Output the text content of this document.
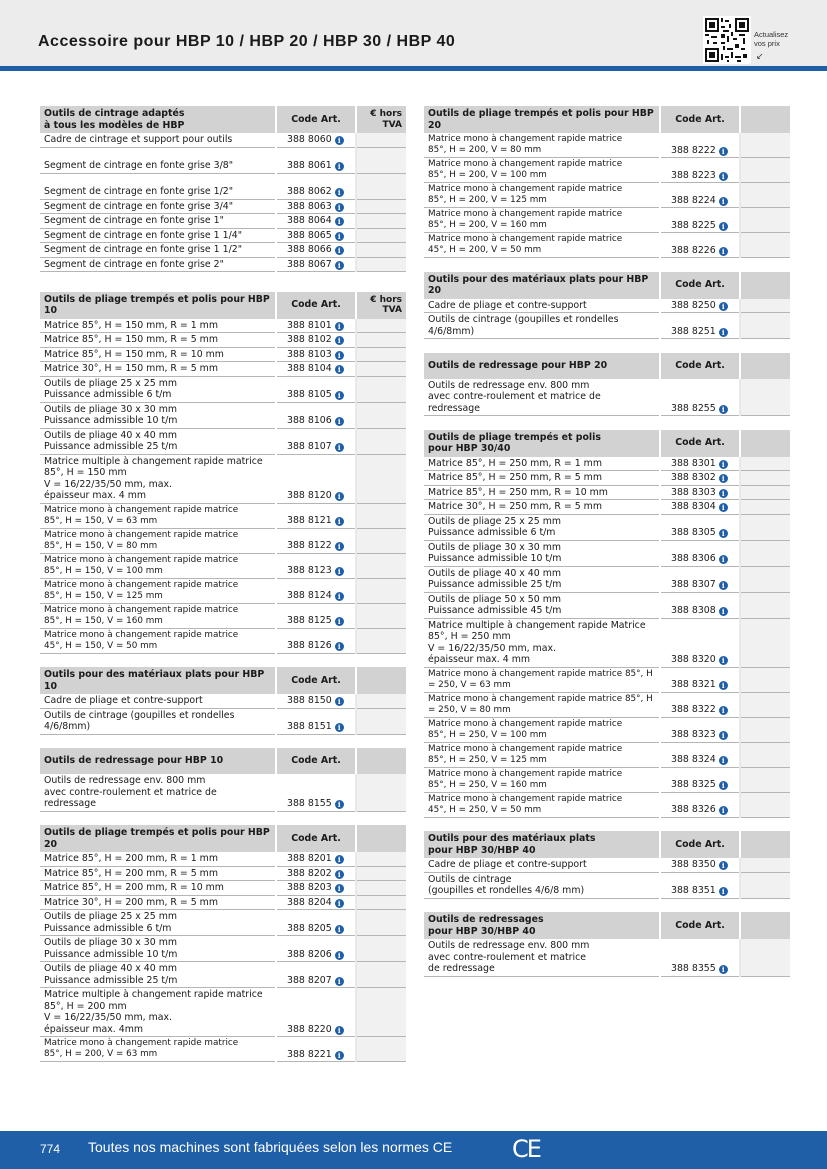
Accessoire pour HBP 10 / HBP 20 / HBP 30 / HBP 40	Actualisez
vos prix
↙
Outils de cintrage adaptés
à tous les modèles de HBP	Code Art.	€ hors
TVA
Cadre de cintrage et support pour outils	388 8060 i	

Segment de cintrage en fonte grise 3/8"	388 8061 i	

Segment de cintrage en fonte grise 1/2"	388 8062 i	
Segment de cintrage en fonte grise 3/4"	388 8063 i	
Segment de cintrage en fonte grise 1"	388 8064 i	
Segment de cintrage en fonte grise 1 1/4"	388 8065 i	
Segment de cintrage en fonte grise 1 1/2"	388 8066 i	
Segment de cintrage en fonte grise 2"	388 8067 i	

Outils de pliage trempés et polis pour HBP 10	Code Art.	€ hors
TVA
Matrice 85°, H = 150 mm, R = 1 mm	388 8101 i	
Matrice 85°, H = 150 mm, R = 5 mm	388 8102 i	
Matrice 85°, H = 150 mm, R = 10 mm	388 8103 i	
Matrice 30°, H = 150 mm, R = 5 mm	388 8104 i	
Outils de pliage 25 x 25 mm
Puissance admissible 6 t/m	388 8105 i	
Outils de pliage 30 x 30 mm
Puissance admissible 10 t/m	388 8106 i	
Outils de pliage 40 x 40 mm
Puissance admissible 25 t/m	388 8107 i	
Matrice multiple à changement rapide matrice
85°, H = 150 mm
V = 16/22/35/50 mm, max.
épaisseur max. 4 mm	388 8120 i	
Matrice mono à changement rapide matrice
85°, H = 150, V = 63 mm	388 8121 i	
Matrice mono à changement rapide matrice
85°, H = 150, V = 80 mm	388 8122 i	
Matrice mono à changement rapide matrice
85°, H = 150, V = 100 mm	388 8123 i	
Matrice mono à changement rapide matrice
85°, H = 150, V = 125 mm	388 8124 i	
Matrice mono à changement rapide matrice
85°, H = 150, V = 160 mm	388 8125 i	
Matrice mono à changement rapide matrice
45°, H = 150, V = 50 mm	388 8126 i	

Outils pour des matériaux plats pour HBP 10	Code Art.	
Cadre de pliage et contre-support	388 8150 i	
Outils de cintrage (goupilles et rondelles
4/6/8mm)	388 8151 i	

Outils de redressage pour HBP 10	Code Art.	
Outils de redressage env. 800 mm
avec contre-roulement et matrice de redressage	388 8155 i	

Outils de pliage trempés et polis pour HBP 20	Code Art.	
Matrice 85°, H = 200 mm, R = 1 mm	388 8201 i	
Matrice 85°, H = 200 mm, R = 5 mm	388 8202 i	
Matrice 85°, H = 200 mm, R = 10 mm	388 8203 i	
Matrice 30°, H = 200 mm, R = 5 mm	388 8204 i	
Outils de pliage 25 x 25 mm
Puissance admissible 6 t/m	388 8205 i	
Outils de pliage 30 x 30 mm
Puissance admissible 10 t/m	388 8206 i	
Outils de pliage 40 x 40 mm
Puissance admissible 25 t/m	388 8207 i	
Matrice multiple à changement rapide matrice
85°, H = 200 mm
V = 16/22/35/50 mm, max.
épaisseur max. 4mm	388 8220 i	
Matrice mono à changement rapide matrice
85°, H = 200, V = 63 mm	388 8221 i	
Outils de pliage trempés et polis pour HBP 20	Code Art.	
Matrice mono à changement rapide matrice
85°, H = 200, V = 80 mm	388 8222 i	
Matrice mono à changement rapide matrice
85°, H = 200, V = 100 mm	388 8223 i	
Matrice mono à changement rapide matrice
85°, H = 200, V = 125 mm	388 8224 i	
Matrice mono à changement rapide matrice
85°, H = 200, V = 160 mm	388 8225 i	
Matrice mono à changement rapide matrice
45°, H = 200, V = 50 mm	388 8226 i	

Outils pour des matériaux plats pour HBP 20	Code Art.	
Cadre de pliage et contre-support	388 8250 i	
Outils de cintrage (goupilles et rondelles
4/6/8mm)	388 8251 i	

Outils de redressage pour HBP 20	Code Art.	
Outils de redressage env. 800 mm
avec contre-roulement et matrice de redressage	388 8255 i	

Outils de pliage trempés et polis
pour HBP 30/40	Code Art.	
Matrice 85°, H = 250 mm, R = 1 mm	388 8301 i	
Matrice 85°, H = 250 mm, R = 5 mm	388 8302 i	
Matrice 85°, H = 250 mm, R = 10 mm	388 8303 i	
Matrice 30°, H = 250 mm, R = 5 mm	388 8304 i	
Outils de pliage 25 x 25 mm
Puissance admissible 6 t/m	388 8305 i	
Outils de pliage 30 x 30 mm
Puissance admissible 10 t/m	388 8306 i	
Outils de pliage 40 x 40 mm
Puissance admissible 25 t/m	388 8307 i	
Outils de pliage 50 x 50 mm
Puissance admissible 45 t/m	388 8308 i	
Matrice multiple à changement rapide Matrice
85°, H = 250 mm
V = 16/22/35/50 mm, max.
épaisseur max. 4 mm	388 8320 i	
Matrice mono à changement rapide matrice 85°, H
= 250, V = 63 mm	388 8321 i	
Matrice mono à changement rapide matrice 85°, H
= 250, V = 80 mm	388 8322 i	
Matrice mono à changement rapide matrice
85°, H = 250, V = 100 mm	388 8323 i	
Matrice mono à changement rapide matrice
85°, H = 250, V = 125 mm	388 8324 i	
Matrice mono à changement rapide matrice
85°, H = 250, V = 160 mm	388 8325 i	
Matrice mono à changement rapide matrice
45°, H = 250, V = 50 mm	388 8326 i	

Outils pour des matériaux plats
pour HBP 30/HBP 40	Code Art.	
Cadre de pliage et contre-support	388 8350 i	
Outils de cintrage
(goupilles et rondelles 4/6/8 mm)	388 8351 i	

Outils de redressages
pour HBP 30/HBP 40	Code Art.	
Outils de redressage env. 800 mm
avec contre-roulement et matrice
de redressage	388 8355 i	
774 Toutes nos machines sont fabriquées selon les normes CE CE
